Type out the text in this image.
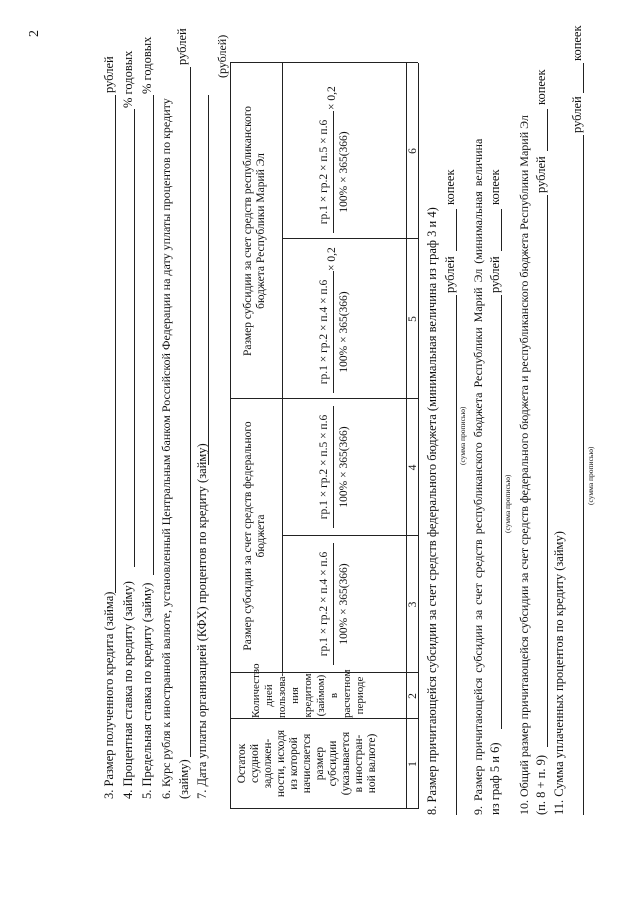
2
3. Размер полученного кредита (займа)
рублей
4. Процентная ставка по кредиту (займу)
% годовых
5. Предельная ставка по кредиту (займу)
% годовых
6. Курс рубля к иностранной валюте, установленный Центральным банком Российской Федерации на дату уплаты процентов по кредиту (займу)
рублей
7. Дата уплаты организацией (КФХ) процентов по кредиту (займу)
(рублей)
Остаток
ссудной
задолжен-
ности, исходя
из которой
начисляется
размер
субсидии
(указывается
в иностран-
ной валюте)
Количество
дней
пользова-
ния
кредитом
(займом)
в расчетном
периоде
Размер субсидии за счет средств федерального
бюджета
Размер субсидии за счет средств республиканского
бюджета Республики Марий Эл
гр.1 × гр.2 × п.4 × п.6 100% × 365(366)
гр.1 × гр.2 × п.5 × п.6 100% × 365(366)
гр.1 × гр.2 × п.4 × п.6 100% × 365(366)
× 0,2
гр.1 × гр.2 × п.5 × п.6 100% × 365(366)
× 0,2
1
2
3
4
5
6
8. Размер причитающейся субсидии за счет средств федерального бюджета (минимальная величина из граф 3 и 4) рублей
копеек
(сумма прописью) 9. Размер причитающейся субсидии за счет средств республиканского бюджета Республики Марий Эл (минимальная величина из граф 5 и 6)
рублей
копеек
(сумма прописью) 10. Общий размер причитающейся субсидии за счет средств федерального бюджета и республиканского бюджета Республики Марий Эл (п. 8 + п. 9)
рублей
копеек
11. Сумма уплаченных процентов по кредиту (займу)
рублей
копеек
(сумма прописью)
